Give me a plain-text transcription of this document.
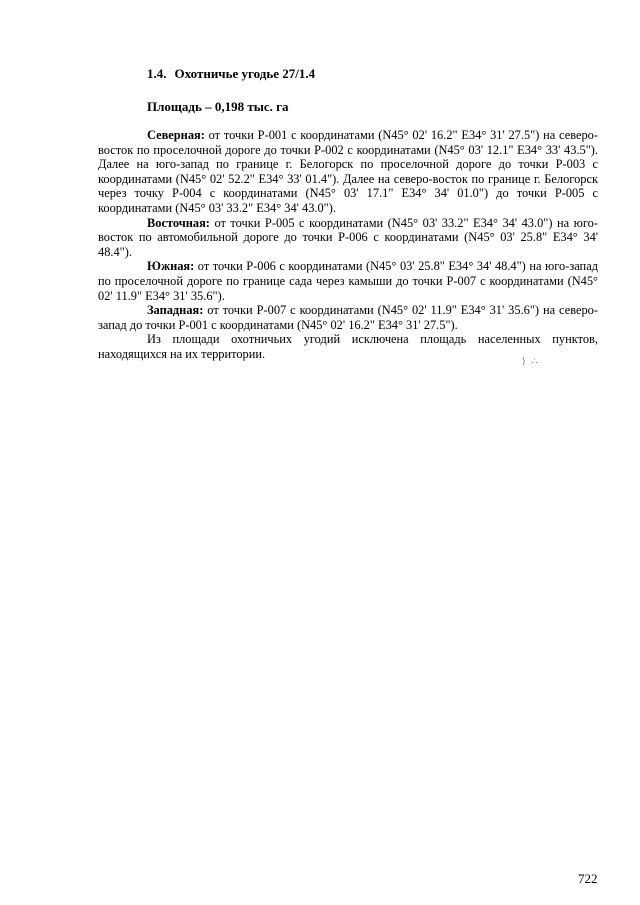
1.4. Охотничье угодье 27/1.4
Площадь – 0,198 тыс. га

Северная: от точки Р-001 с координатами (N45° 02' 16.2" Е34° 31' 27.5") на северо-восток по проселочной дороге до точки Р-002 с координатами (N45° 03' 12.1" Е34° 33' 43.5"). Далее на юго-запад по границе г. Белогорск по проселочной дороге до точки Р-003 с координатами (N45° 02' 52.2" Е34° 33' 01.4"). Далее на северо-восток по границе г. Белогорск через точку Р-004 с координатами (N45° 03' 17.1" Е34° 34' 01.0") до точки Р-005 с координатами (N45° 03' 33.2" Е34° 34' 43.0").

Восточная: от точки Р-005 с координатами (N45° 03' 33.2" Е34° 34' 43.0") на юго-восток по автомобильной дороге до точки Р-006 с координатами (N45° 03' 25.8" Е34° 34' 48.4").

Южная: от точки Р-006 с координатами (N45° 03' 25.8" Е34° 34' 48.4") на юго-запад по проселочной дороге по границе сада через камыши до точки Р-007 с координатами (N45° 02' 11.9" Е34° 31' 35.6").

Западная: от точки Р-007 с координатами (N45° 02' 11.9" Е34° 31' 35.6") на северо-запад до точки Р-001 с координатами (N45° 02' 16.2" Е34° 31' 27.5").

Из площади охотничьих угодий исключена площадь населенных пунктов, находящихся на их территории.

⟩ ∴
722
